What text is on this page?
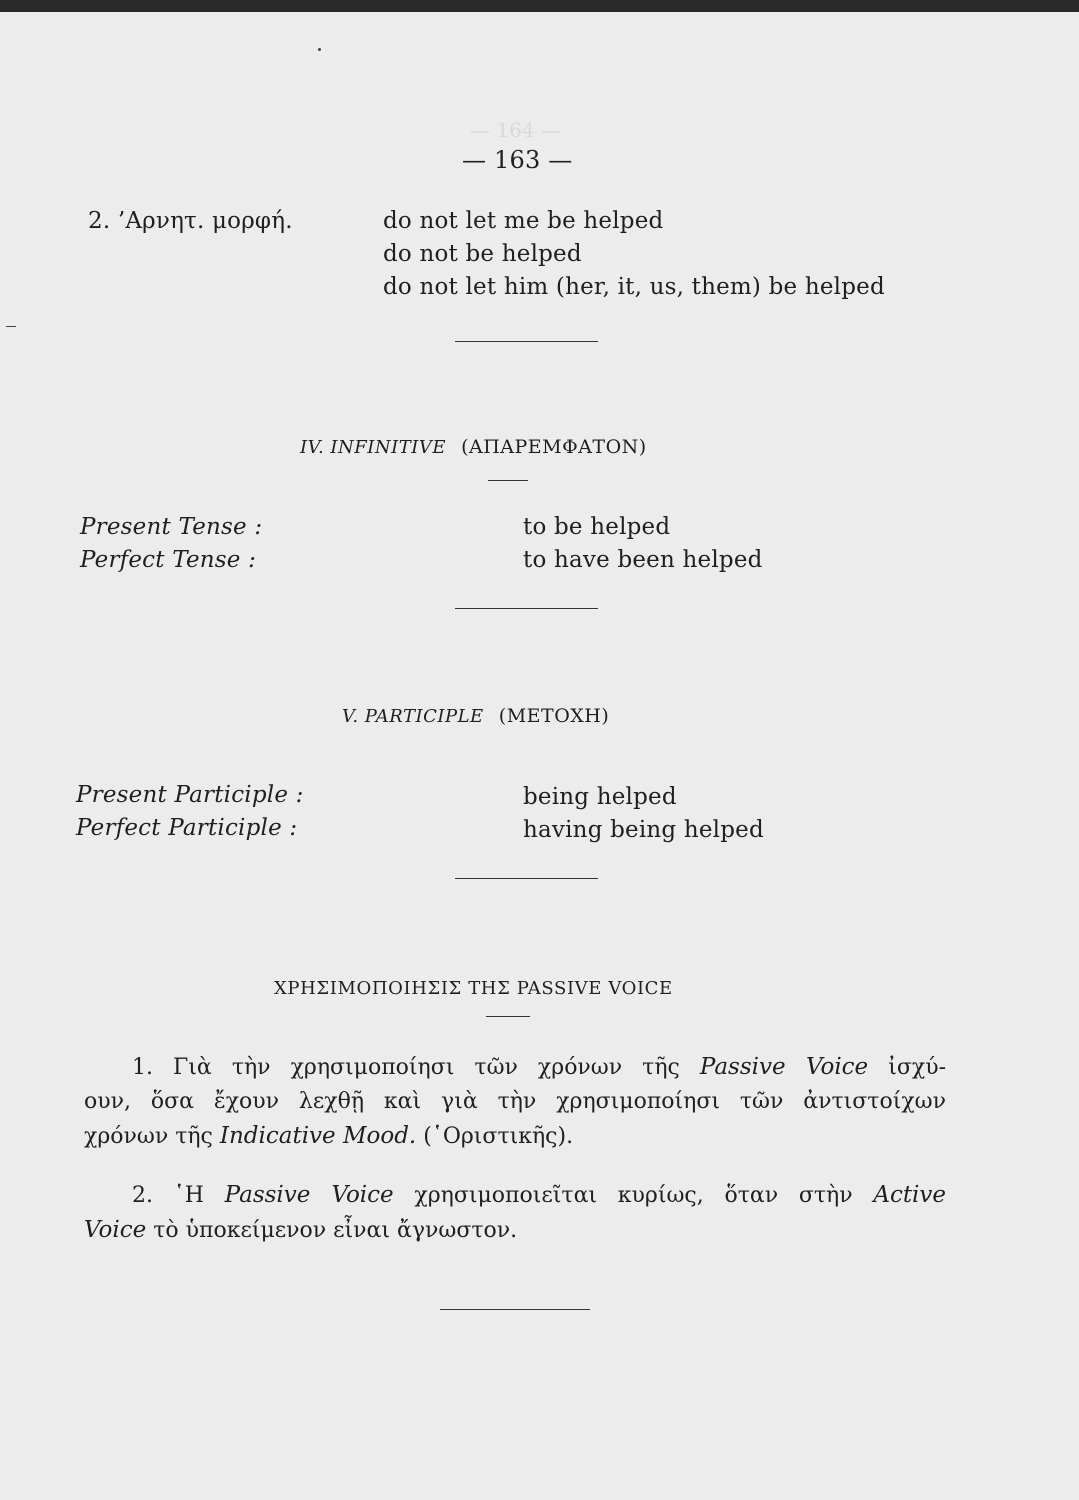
— 164 —
— 163 —
2. ’Αρνητ. μορφή.	do not let me be helped
do not be helped
do not let him (her, it, us, them) be helped
IV. INFINITIVE (ΑΠΑΡΕΜΦΑΤΟΝ)
Present Tense :	to be helped
Perfect Tense :	to have been helped
V. PARTICIPLE (ΜΕΤΟΧΗ)
Present Participle :	being helped
Perfect Participle :	having being helped
ΧΡΗΣΙΜΟΠΟΙΗΣΙΣ ΤΗΣ PASSIVE VOICE
1. Γιὰ τὴν χρησιμοποίησι τῶν χρόνων τῆς Passive Voice ἰσχύ-
ουν, ὅσα ἔχουν λεχθῇ καὶ γιὰ τὴν χρησιμοποίησι τῶν ἀντιστοίχων
χρόνων τῆς Indicative Mood. (῾Οριστικῆς).
2. ῾Η Passive Voice χρησιμοποιεῖται κυρίως, ὅταν στὴν Active
Voice τὸ ὑποκείμενον εἶναι ἄγνωστον.
